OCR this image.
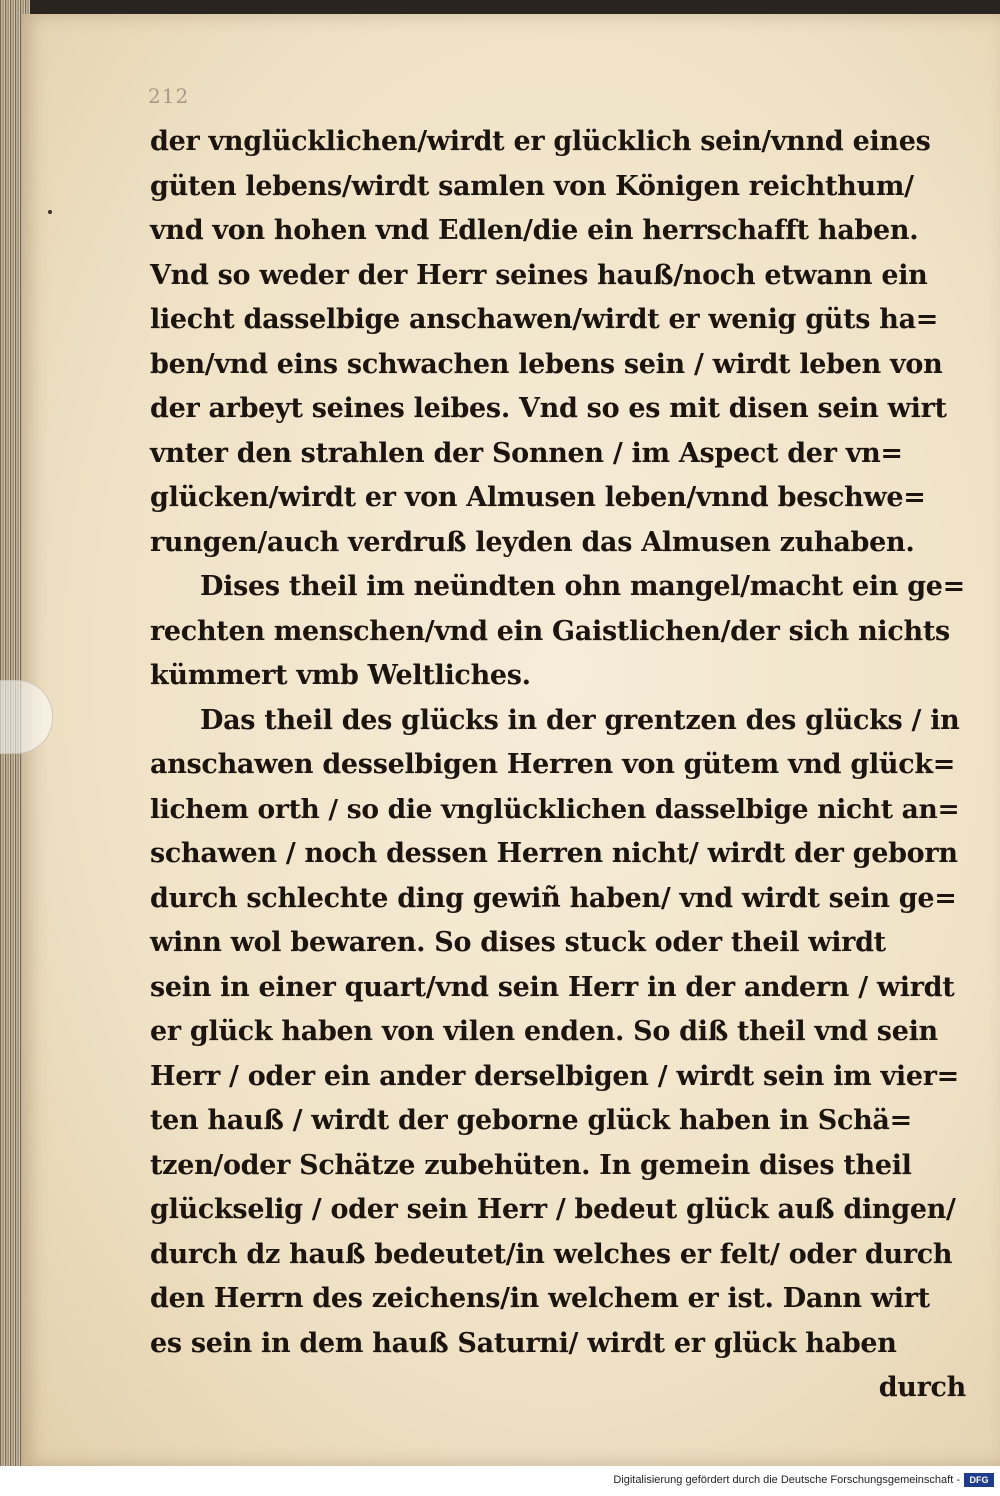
212
der vnglücklichen/wirdt er glücklich sein/vnnd eines
güten lebens/wirdt samlen von Königen reichthum/
vnd von hohen vnd Edlen/die ein herrschafft haben.
Vnd so weder der Herr seines hauß/noch etwann ein
liecht dasselbige anschawen/wirdt er wenig güts ha=
ben/vnd eins schwachen lebens sein / wirdt leben von
der arbeyt seines leibes. Vnd so es mit disen sein wirt
vnter den strahlen der Sonnen / im Aspect der vn=
glücken/wirdt er von Almusen leben/vnnd beschwe=
rungen/auch verdruß leyden das Almusen zuhaben.
Dises theil im neündten ohn mangel/macht ein ge=
rechten menschen/vnd ein Gaistlichen/der sich nichts
kümmert vmb Weltliches.
Das theil des glücks in der grentzen des glücks / in
anschawen desselbigen Herren von gütem vnd glück=
lichem orth / so die vnglücklichen dasselbige nicht an=
schawen / noch dessen Herren nicht/ wirdt der geborn
durch schlechte ding gewiñ haben/ vnd wirdt sein ge=
winn wol bewaren. So dises stuck oder theil wirdt
sein in einer quart/vnd sein Herr in der andern / wirdt
er glück haben von vilen enden. So diß theil vnd sein
Herr / oder ein ander derselbigen / wirdt sein im vier=
ten hauß / wirdt der geborne glück haben in Schä=
tzen/oder Schätze zubehüten. In gemein dises theil
glückselig / oder sein Herr / bedeut glück auß dingen/
durch dz hauß bedeutet/in welches er felt/ oder durch
den Herrn des zeichens/in welchem er ist. Dann wirt
es sein in dem hauß Saturni/ wirdt er glück haben
durch
Digitalisierung gefördert durch die Deutsche Forschungsgemeinschaft -	DFG
